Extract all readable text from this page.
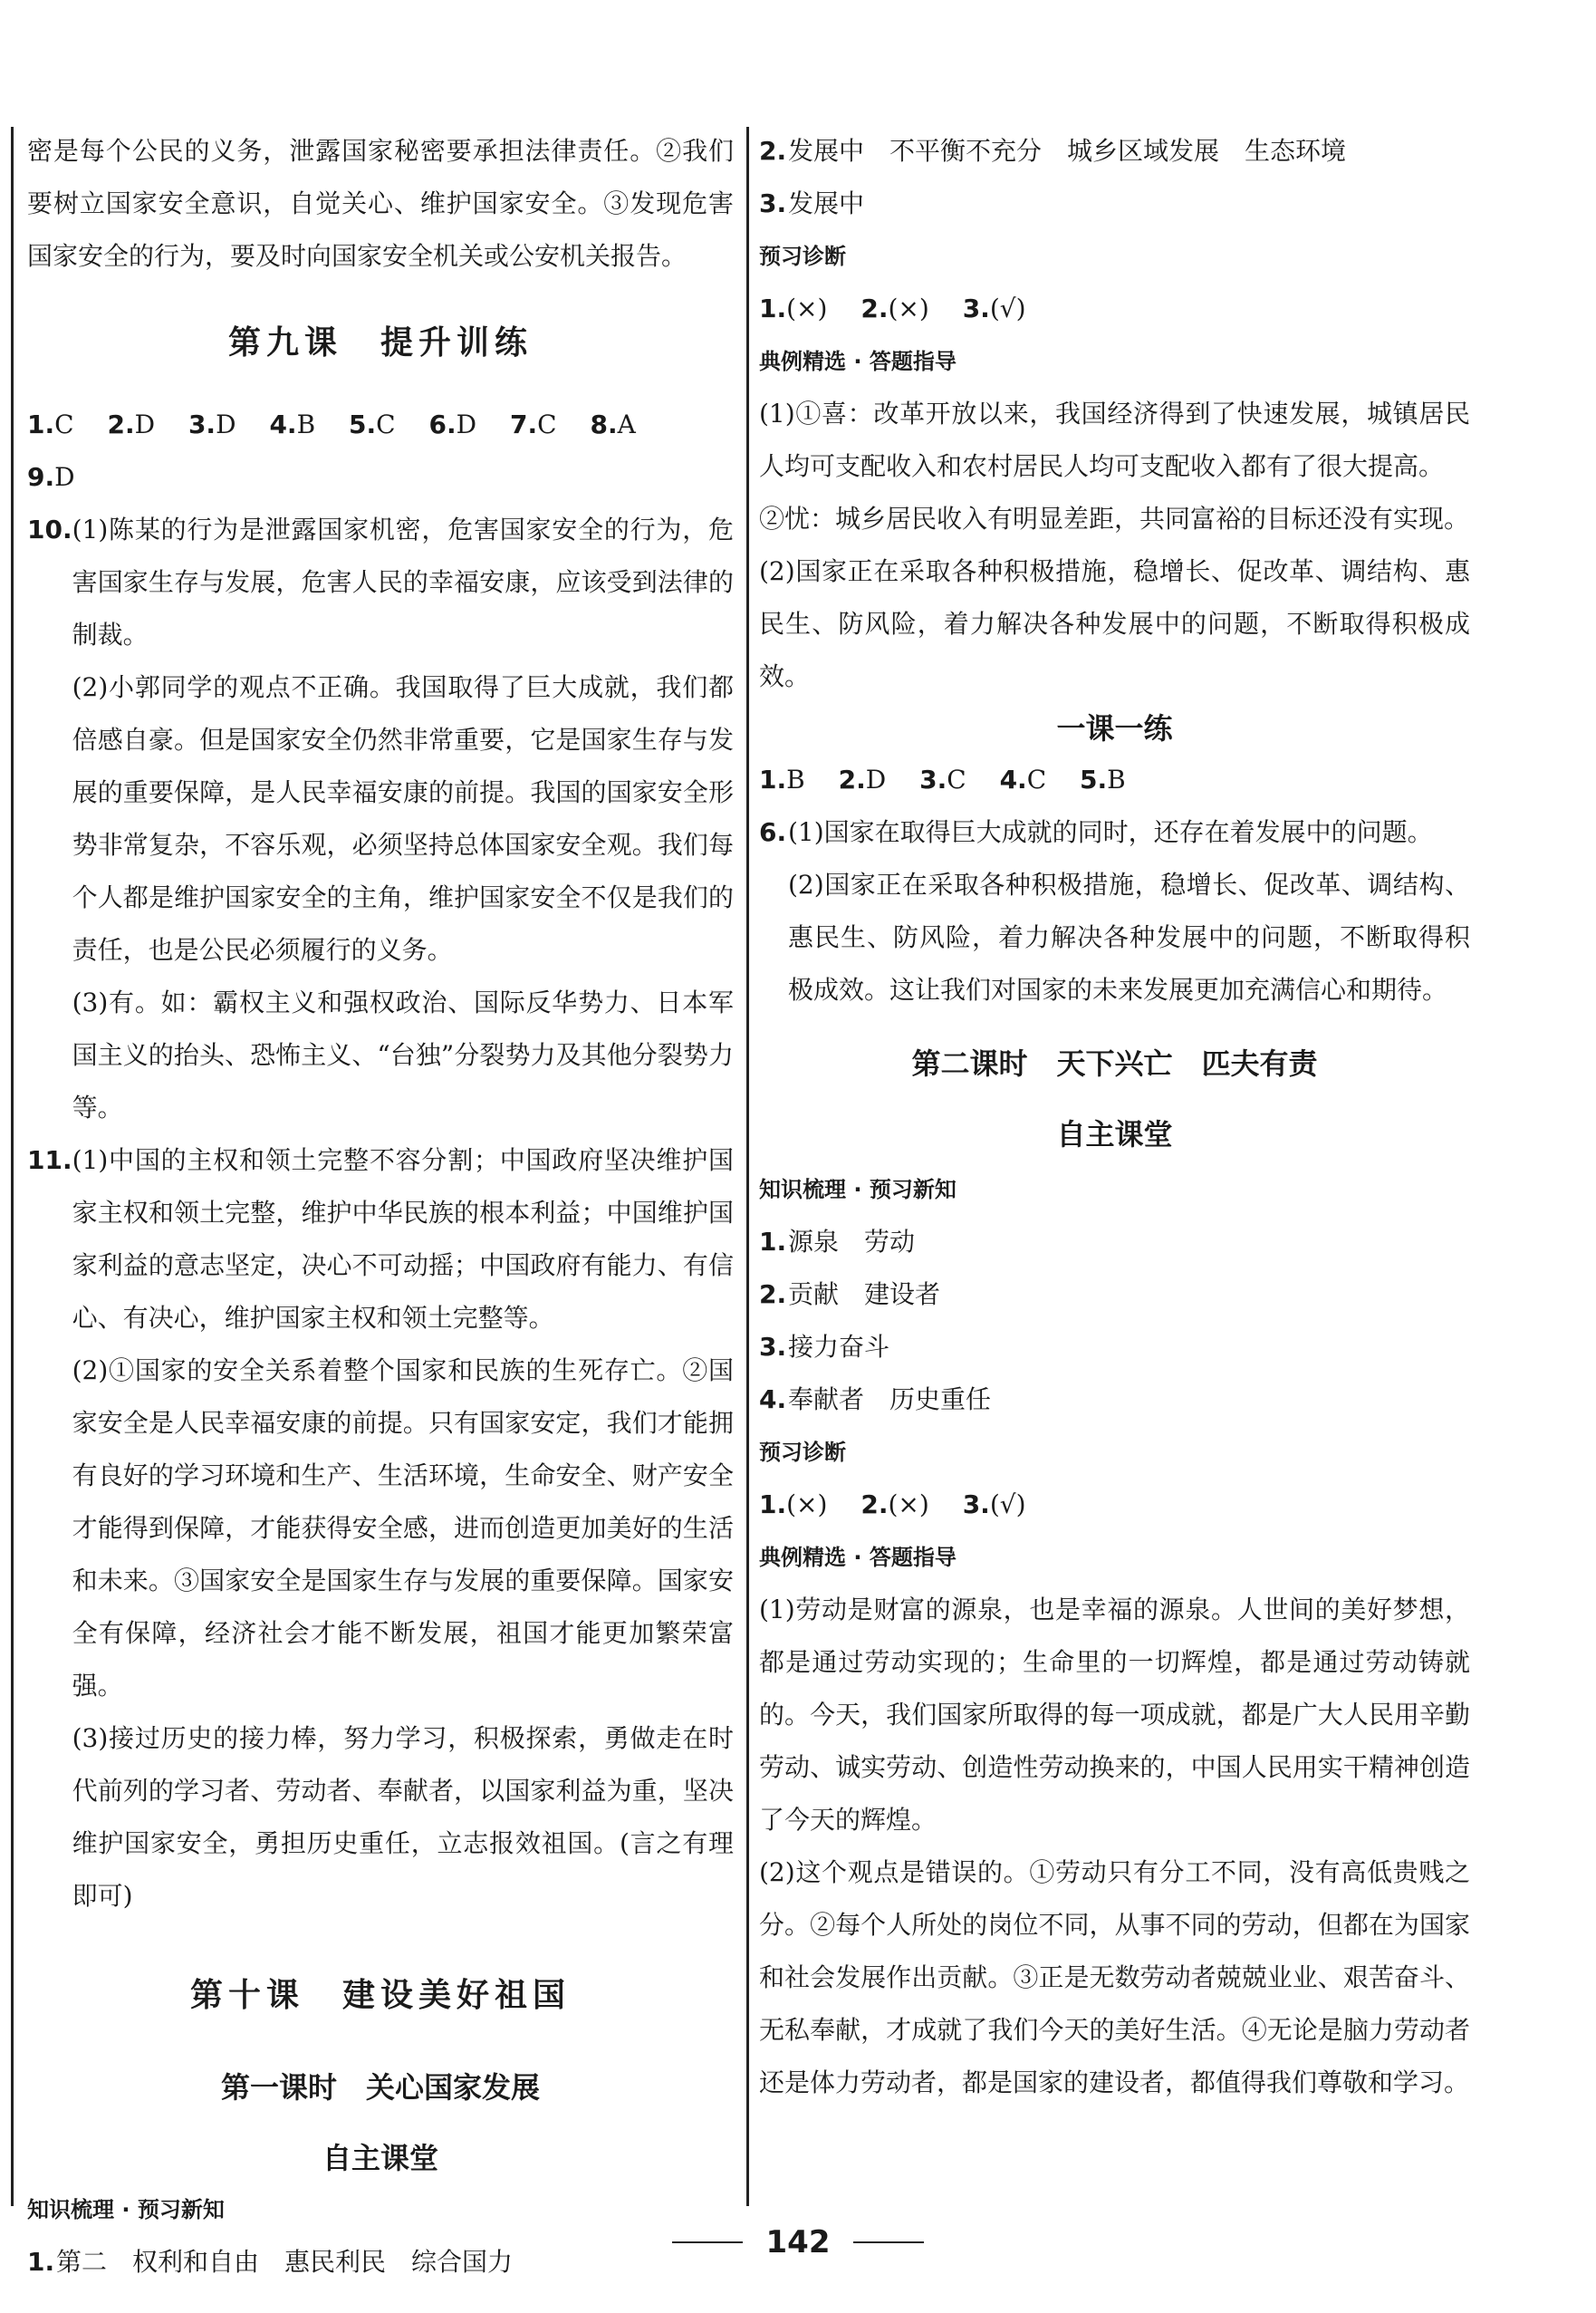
密是每个公民的义务，泄露国家秘密要承担法律责任。②我们要树立国家安全意识，自觉关心、维护国家安全。③发现危害国家安全的行为，要及时向国家安全机关或公安机关报告。

第九课　提升训练

1.C 2.D 3.D 4.B 5.C 6.D 7.C 8.A 9.D

10. (1)陈某的行为是泄露国家机密，危害国家安全的行为，危害国家生存与发展，危害人民的幸福安康，应该受到法律的制裁。

(2)小郭同学的观点不正确。我国取得了巨大成就，我们都倍感自豪。但是国家安全仍然非常重要，它是国家生存与发展的重要保障，是人民幸福安康的前提。我国的国家安全形势非常复杂，不容乐观，必须坚持总体国家安全观。我们每个人都是维护国家安全的主角，维护国家安全不仅是我们的责任，也是公民必须履行的义务。

(3)有。如：霸权主义和强权政治、国际反华势力、日本军国主义的抬头、恐怖主义、“台独”分裂势力及其他分裂势力等。

11. (1)中国的主权和领土完整不容分割；中国政府坚决维护国家主权和领土完整，维护中华民族的根本利益；中国维护国家利益的意志坚定，决心不可动摇；中国政府有能力、有信心、有决心，维护国家主权和领土完整等。

(2)①国家的安全关系着整个国家和民族的生死存亡。②国家安全是人民幸福安康的前提。只有国家安定，我们才能拥有良好的学习环境和生产、生活环境，生命安全、财产安全才能得到保障，才能获得安全感，进而创造更加美好的生活和未来。③国家安全是国家生存与发展的重要保障。国家安全有保障，经济社会才能不断发展，祖国才能更加繁荣富强。

(3)接过历史的接力棒，努力学习，积极探索，勇做走在时代前列的学习者、劳动者、奉献者，以国家利益为重，坚决维护国家安全，勇担历史重任，立志报效祖国。(言之有理即可)

第十课　建设美好祖国
第一课时　关心国家发展
自主课堂

知识梳理 · 预习新知

1. 第二　权利和自由　惠民利民　综合国力

2. 发展中　不平衡不充分　城乡区域发展　生态环境

3. 发展中

预习诊断

1.(×) 2.(×) 3.(√)

典例精选 · 答题指导

(1)①喜：改革开放以来，我国经济得到了快速发展，城镇居民人均可支配收入和农村居民人均可支配收入都有了很大提高。

②忧：城乡居民收入有明显差距，共同富裕的目标还没有实现。

(2)国家正在采取各种积极措施，稳增长、促改革、调结构、惠民生、防风险，着力解决各种发展中的问题，不断取得积极成效。

一课一练

1.B 2.D 3.C 4.C 5.B

6. (1)国家在取得巨大成就的同时，还存在着发展中的问题。

(2)国家正在采取各种积极措施，稳增长、促改革、调结构、惠民生、防风险，着力解决各种发展中的问题，不断取得积极成效。这让我们对国家的未来发展更加充满信心和期待。

第二课时　天下兴亡　匹夫有责
自主课堂

知识梳理 · 预习新知

1. 源泉　劳动

2. 贡献　建设者

3. 接力奋斗

4. 奉献者　历史重任

预习诊断

1.(×) 2.(×) 3.(√)

典例精选 · 答题指导

(1)劳动是财富的源泉，也是幸福的源泉。人世间的美好梦想，都是通过劳动实现的；生命里的一切辉煌，都是通过劳动铸就的。今天，我们国家所取得的每一项成就，都是广大人民用辛勤劳动、诚实劳动、创造性劳动换来的，中国人民用实干精神创造了今天的辉煌。

(2)这个观点是错误的。①劳动只有分工不同，没有高低贵贱之分。②每个人所处的岗位不同，从事不同的劳动，但都在为国家和社会发展作出贡献。③正是无数劳动者兢兢业业、艰苦奋斗、无私奉献，才成就了我们今天的美好生活。④无论是脑力劳动者还是体力劳动者，都是国家的建设者，都值得我们尊敬和学习。

142
